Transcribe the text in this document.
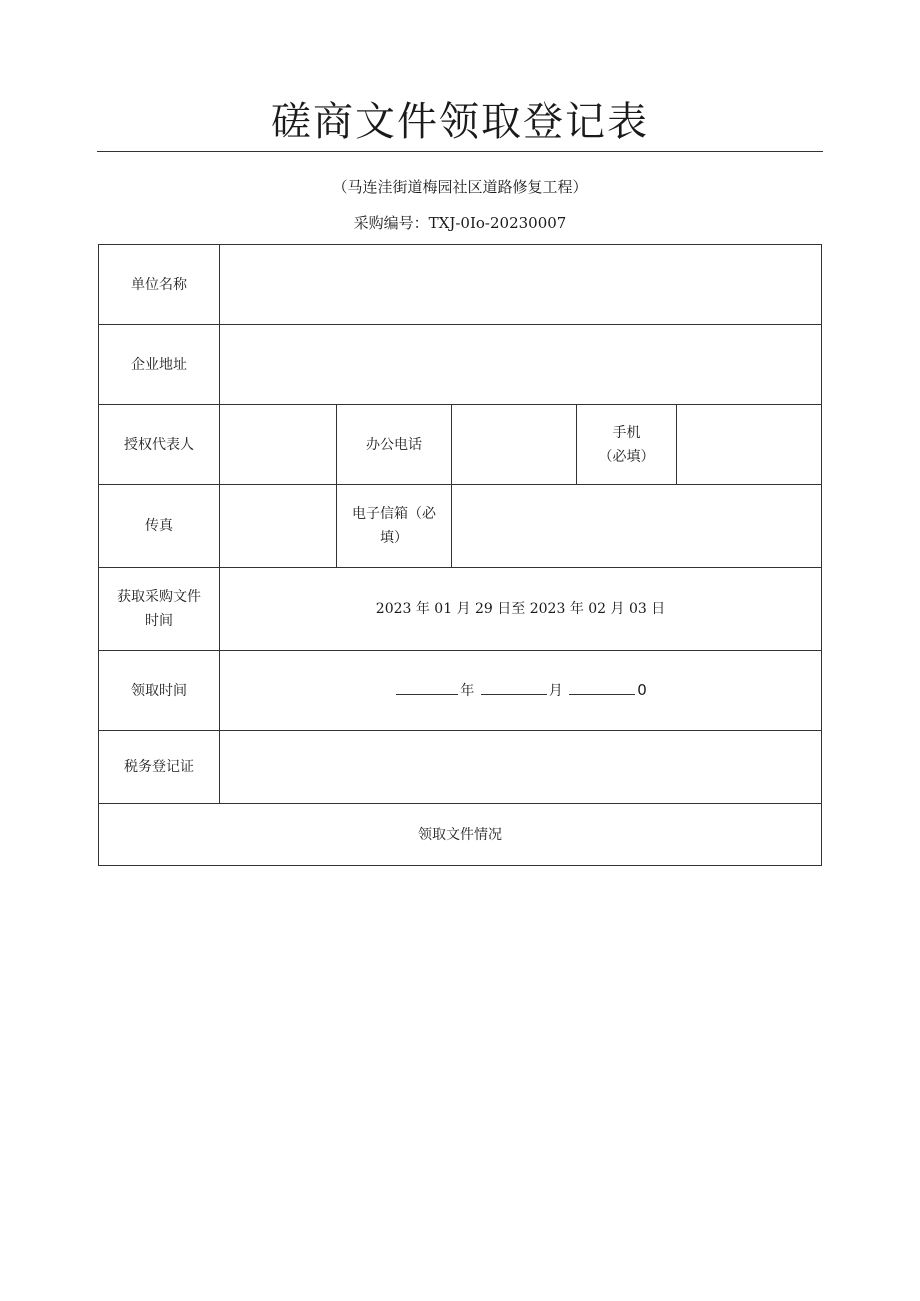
磋商文件领取登记表
（马连洼街道梅园社区道路修复工程）
采购编号：TXJ-0Io-20230007
单位名称					
企业地址					
授权代表人		办公电话		手机
（必填）	

传真		电子信箱（必
填）			

获取采购文件
时间	2023 年 01 月 29 日至 2023 年 02 月 03 日				
领取时间	年 月 0				
税务登记证					
领取文件情况					
